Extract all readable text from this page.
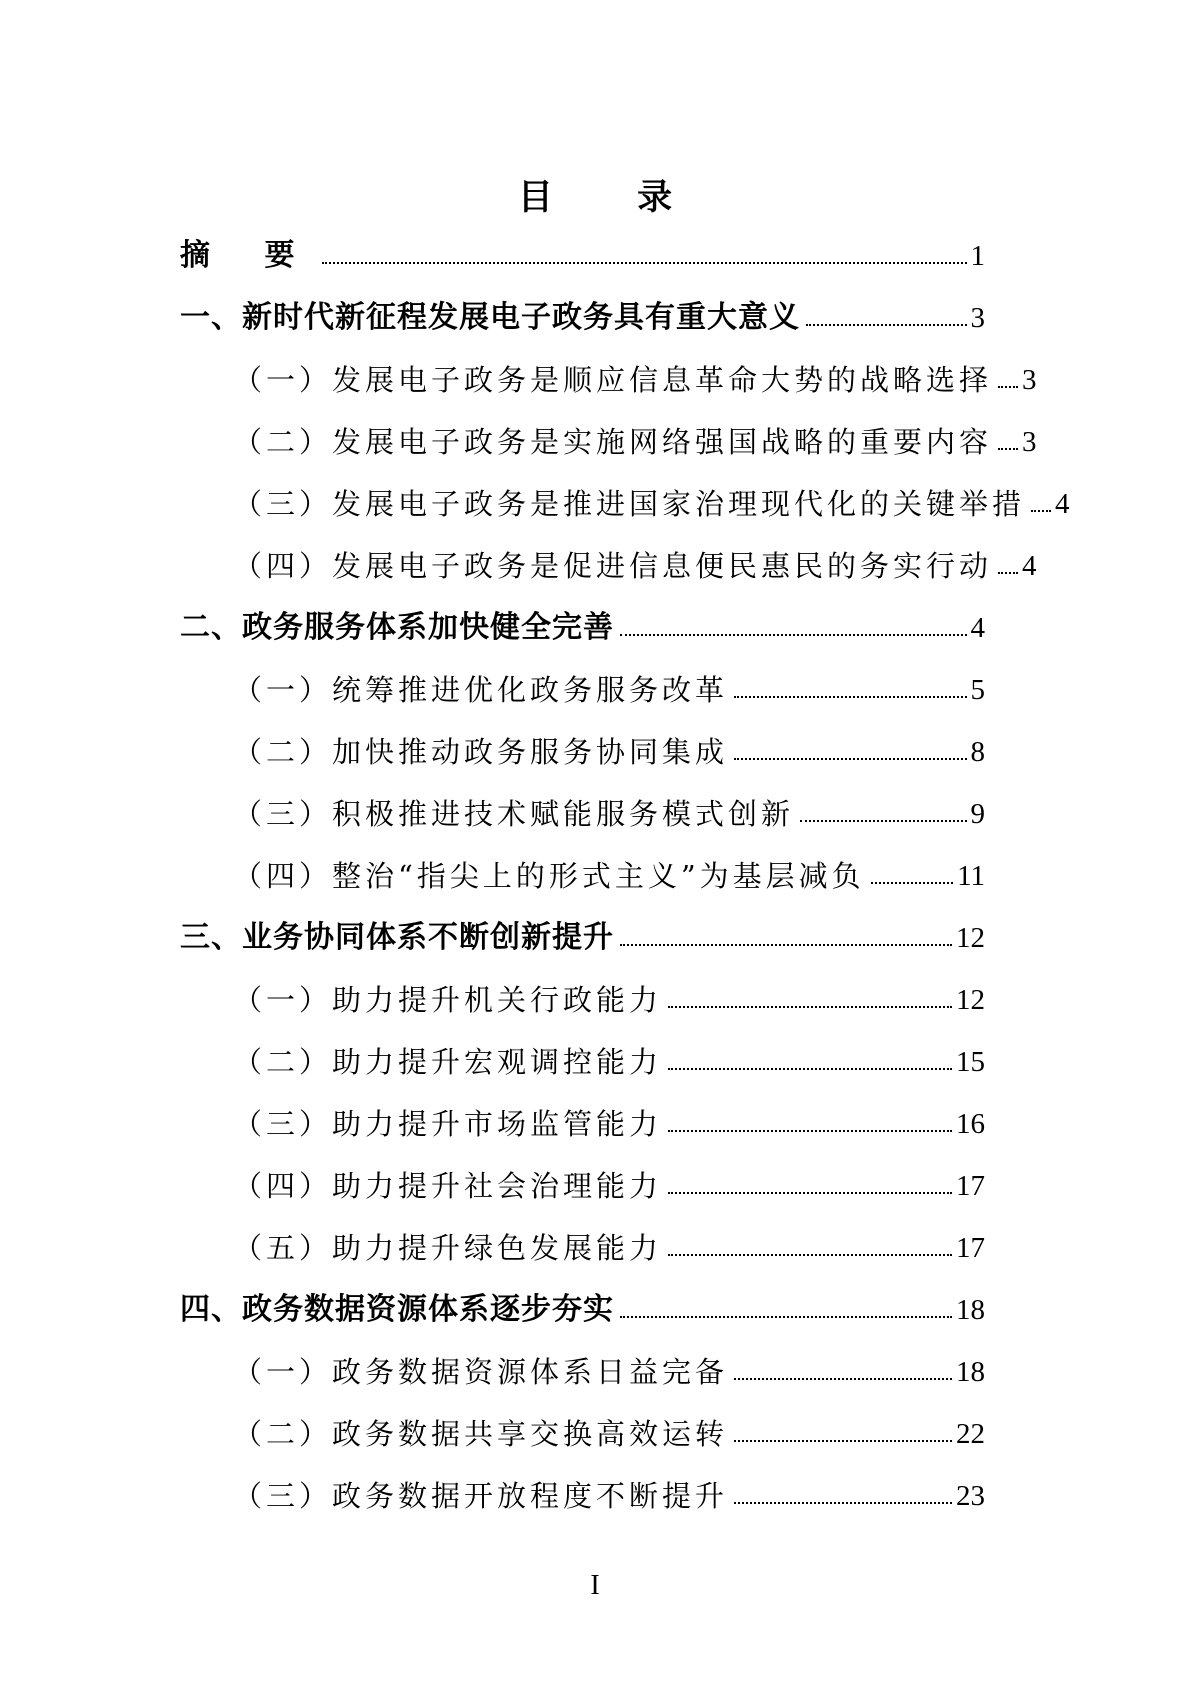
目 录
摘 要	1
一、新时代新征程发展电子政务具有重大意义	3
（一）发展电子政务是顺应信息革命大势的战略选择 3
（二）发展电子政务是实施网络强国战略的重要内容 3
（三）发展电子政务是推进国家治理现代化的关键举措 4
（四）发展电子政务是促进信息便民惠民的务实行动 4
二、政务服务体系加快健全完善	4
（一）统筹推进优化政务服务改革	5
（二）加快推动政务服务协同集成	8
（三）积极推进技术赋能服务模式创新	9
（四）整治“指尖上的形式主义”为基层减负	11
三、业务协同体系不断创新提升	12
（一）助力提升机关行政能力	12
（二）助力提升宏观调控能力	15
（三）助力提升市场监管能力	16
（四）助力提升社会治理能力	17
（五）助力提升绿色发展能力	17
四、政务数据资源体系逐步夯实	18
（一）政务数据资源体系日益完备	18
（二）政务数据共享交换高效运转	22
（三）政务数据开放程度不断提升	23
I
